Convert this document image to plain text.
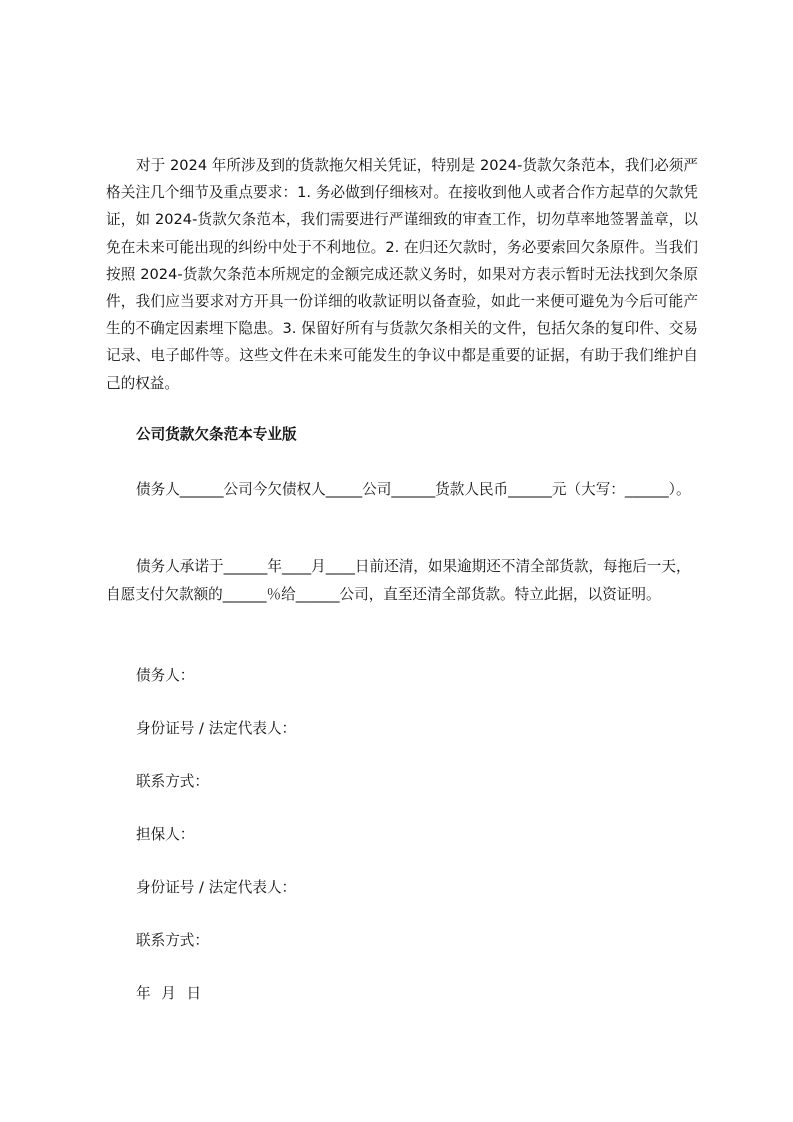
对于 2024 年所涉及到的货款拖欠相关凭证，特别是 2024-货款欠条范本，我们必须严格关注几个细节及重点要求：1. 务必做到仔细核对。在接收到他人或者合作方起草的欠款凭证，如 2024-货款欠条范本，我们需要进行严谨细致的审查工作，切勿草率地签署盖章，以免在未来可能出现的纠纷中处于不利地位。2. 在归还欠款时，务必要索回欠条原件。当我们按照 2024-货款欠条范本所规定的金额完成还款义务时，如果对方表示暂时无法找到欠条原件，我们应当要求对方开具一份详细的收款证明以备查验，如此一来便可避免为今后可能产生的不确定因素埋下隐患。3. 保留好所有与货款欠条相关的文件，包括欠条的复印件、交易记录、电子邮件等。这些文件在未来可能发生的争议中都是重要的证据，有助于我们维护自己的权益。

公司货款欠条范本专业版

债务人______公司今欠债权人_____公司______货款人民币______元（大写：______）。

债务人承诺于______年____月____日前还清，如果逾期还不清全部货款，每拖后一天，自愿支付欠款额的______％给______公司，直至还清全部货款。特立此据，以资证明。

债务人：

身份证号 / 法定代表人：

联系方式：

担保人：

身份证号 / 法定代表人：

联系方式：

年 月 日
